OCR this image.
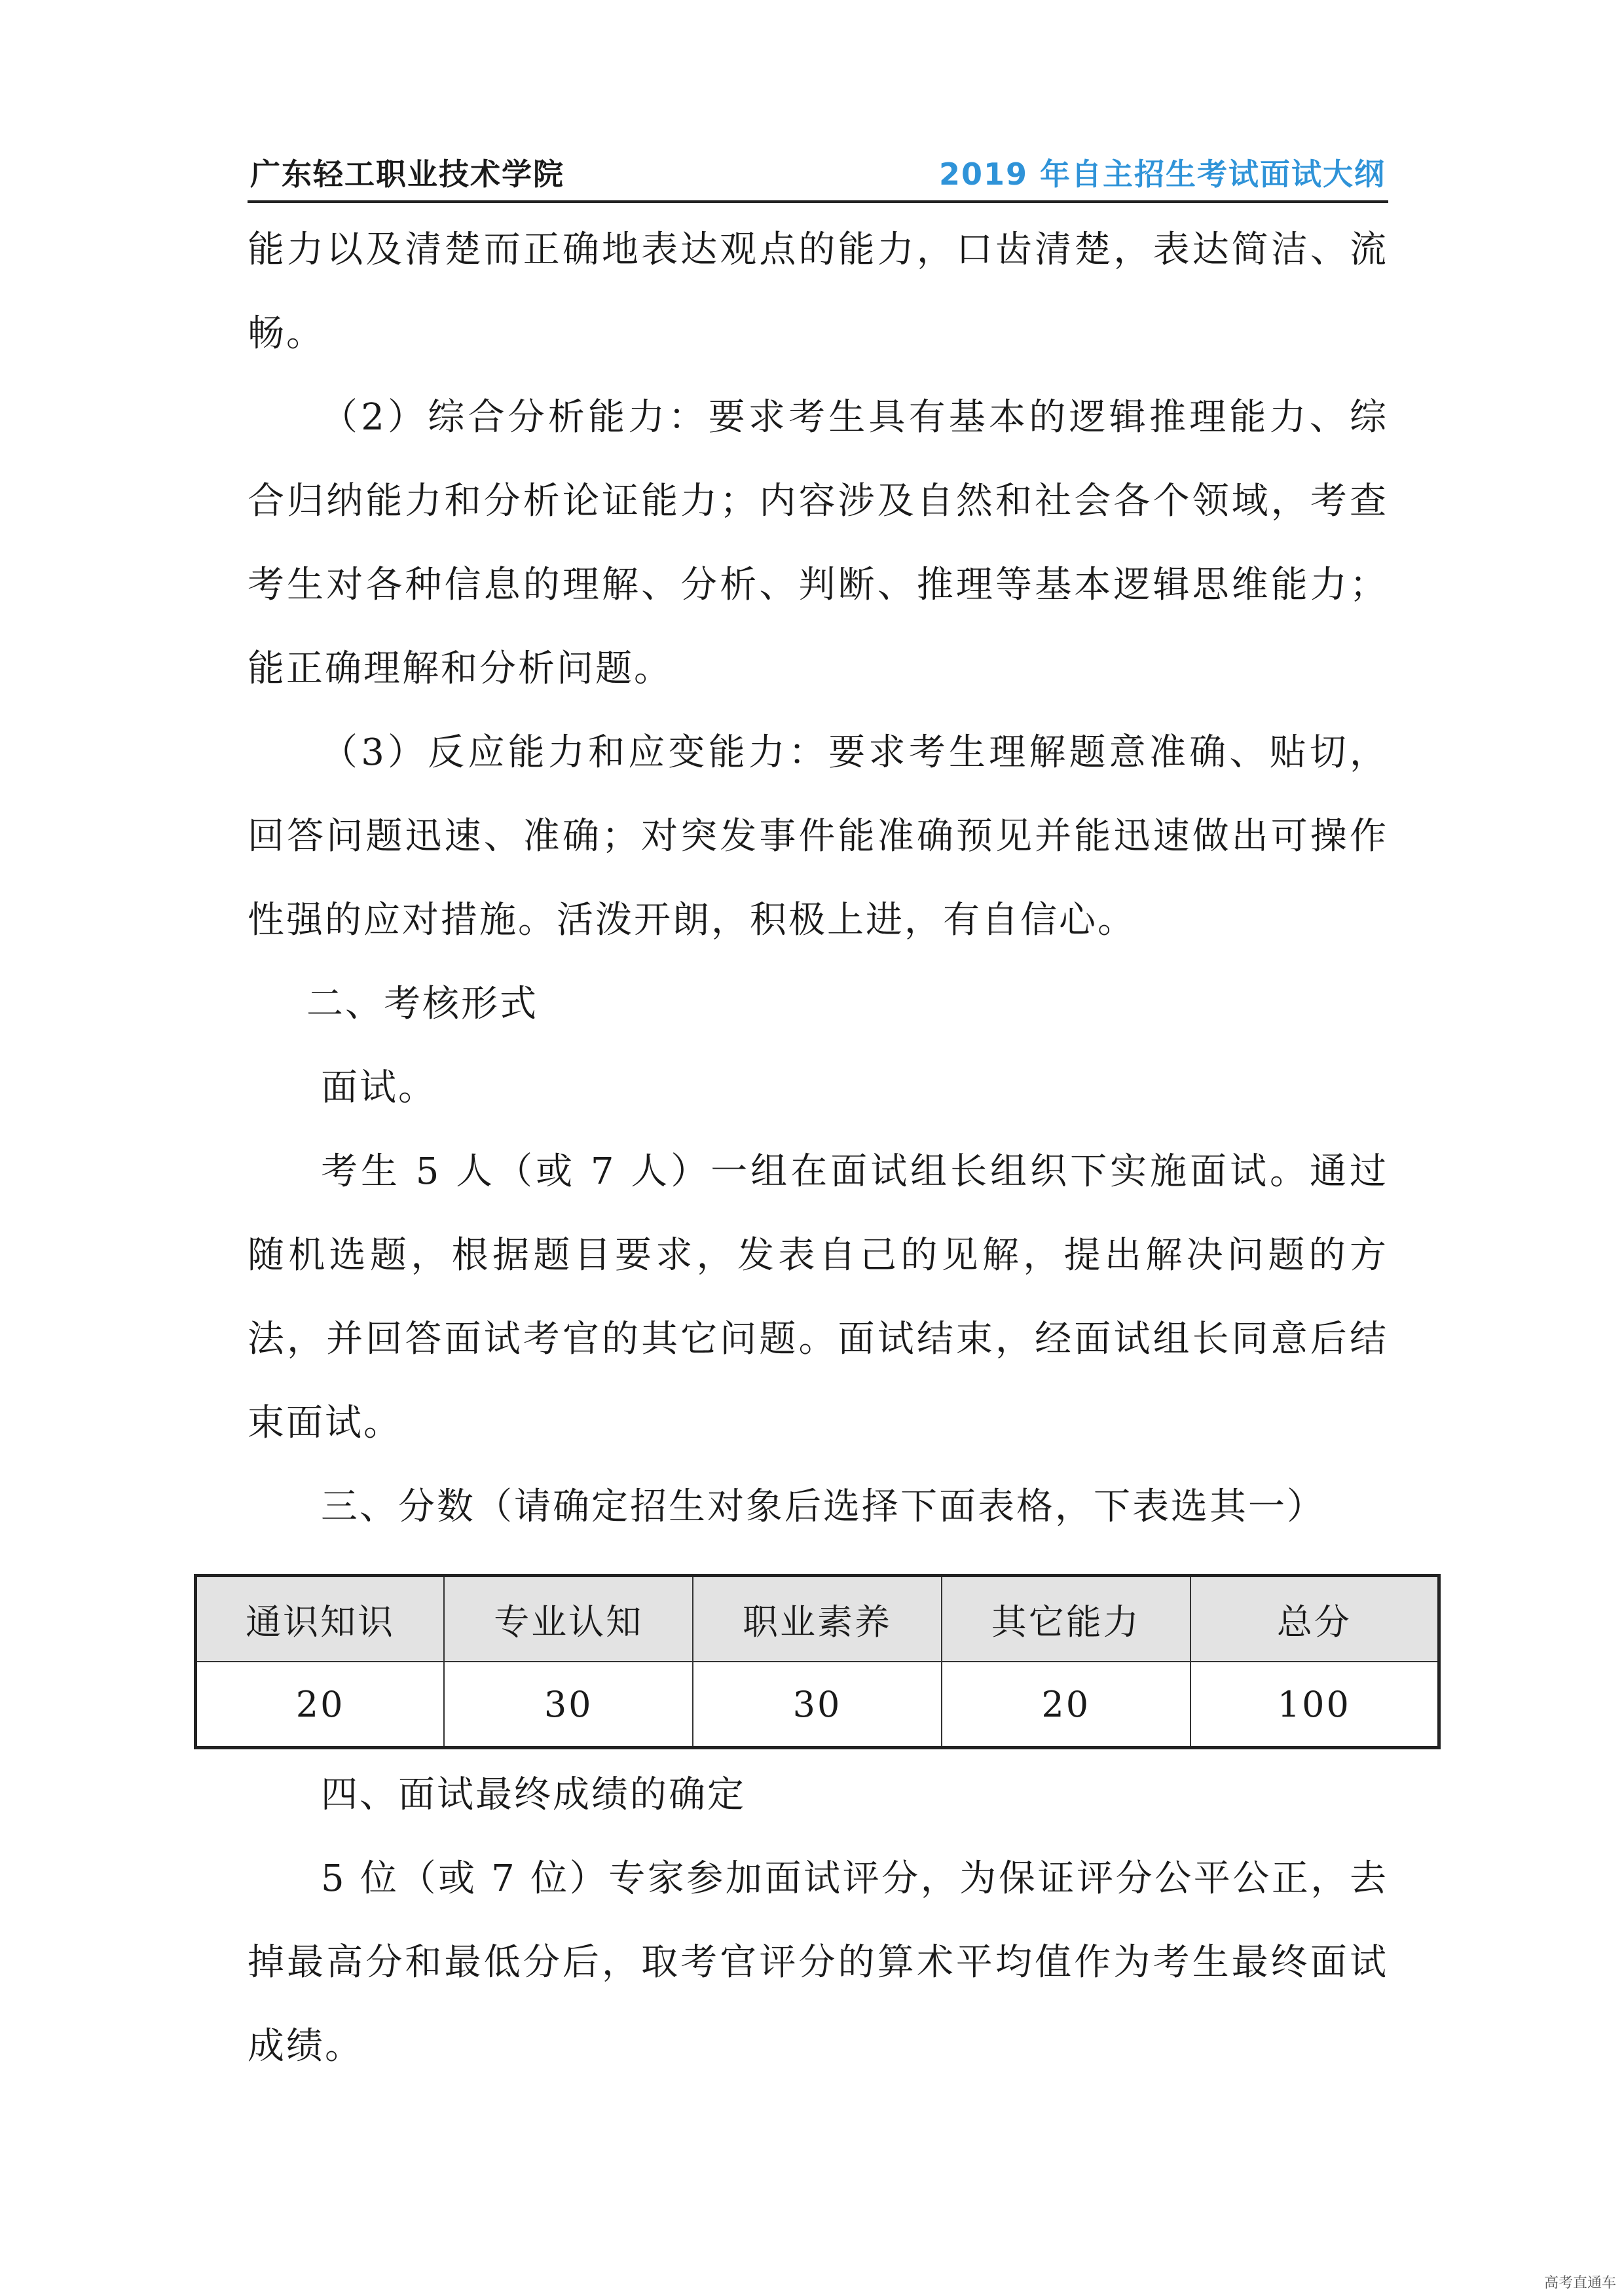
广东轻工职业技术学院	2019 年自主招生考试面试大纲

能力以及清楚而正确地表达观点的能力，口齿清楚，表达简洁、流畅。

（2）综合分析能力：要求考生具有基本的逻辑推理能力、综合归纳能力和分析论证能力；内容涉及自然和社会各个领域，考查考生对各种信息的理解、分析、判断、推理等基本逻辑思维能力；能正确理解和分析问题。

（3）反应能力和应变能力：要求考生理解题意准确、贴切，回答问题迅速、准确；对突发事件能准确预见并能迅速做出可操作性强的应对措施。活泼开朗，积极上进，有自信心。

二、考核形式

面试。

考生 5 人（或 7 人）一组在面试组长组织下实施面试。通过随机选题，根据题目要求，发表自己的见解，提出解决问题的方法，并回答面试考官的其它问题。面试结束，经面试组长同意后结束面试。

三、分数（请确定招生对象后选择下面表格，下表选其一）

通识知识	专业认知	职业素养	其它能力	总分
20	30	30	20	100

四、面试最终成绩的确定

5 位（或 7 位）专家参加面试评分，为保证评分公平公正，去掉最高分和最低分后，取考官评分的算术平均值作为考生最终面试成绩。

高考直通车
